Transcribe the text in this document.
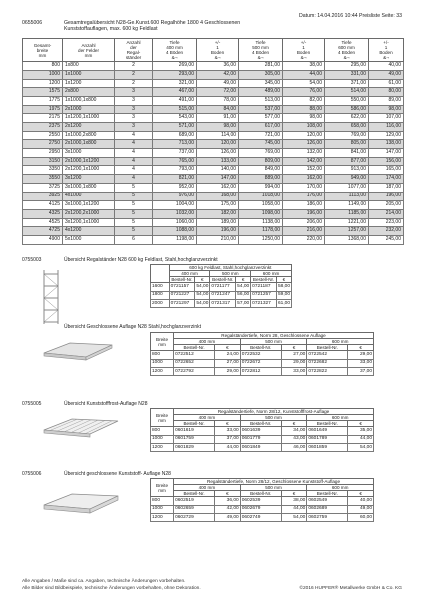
Datum: 14.04.2016 10:44 Preisliste Seite: 33
0655006	Gesamtregalübersicht N28-Ge.Kunst.600 Regalhöhe 1800 4 Geschlossenen
Kunststoffauflagen, max. 600 kg Feldlast
Gesamt-
breite
mm	Anzahl
der Felder
mm	Anzahl
der
Regal-
ständer	Tiefe
400 mm
4 Böden
&¬	+/-
1
Boden
&¬	Tiefe
500 mm
4 Böden
&¬	+/-
1
Boden
&¬	Tiefe
600 mm
4 Böden
&¬	+/-
1
Boden
&¬
800	1x800	2	269,00	36,00	281,00	38,00	295,00	40,00
1000	1x1000	2	293,00	42,00	305,00	44,00	331,00	49,00
1200	1x1200	2	321,00	49,00	345,00	54,00	371,00	61,00
1575	2x800	3	467,00	72,00	489,00	76,00	514,00	80,00
1775	1x1000,1x800	3	491,00	78,00	513,00	82,00	550,00	89,00
1975	2x1000	3	515,00	84,00	537,00	88,00	586,00	98,00
2175	1x1200,1x1000	3	543,00	91,00	577,00	98,00	622,00	107,00
2375	2x1200	3	571,00	98,00	617,00	108,00	658,00	116,00
2550	1x1000,2x800	4	689,00	114,00	721,00	120,00	769,00	129,00
2750	2x1000,1x800	4	713,00	120,00	745,00	126,00	805,00	138,00
2950	3x1000	4	737,00	126,00	769,00	132,00	841,00	147,00
3150	2x1000,1x1200	4	765,00	133,00	809,00	142,00	877,00	156,00
3350	2x1200,1x1000	4	793,00	140,00	849,00	152,00	913,00	165,00
3550	3x1200	4	821,00	147,00	889,00	162,00	949,00	174,00
3725	3x1000,1x800	5	952,00	162,00	994,00	170,00	1077,00	187,00
3925	4x1000	5	976,00	168,00	1018,00	176,00	1113,00	196,00
4125	3x1000,1x1200	5	1004,00	175,00	1058,00	186,00	1149,00	205,00
4325	2x1200,2x1000	5	1032,00	182,00	1098,00	196,00	1185,00	214,00
4525	3x1200,1x1000	5	1060,00	189,00	1138,00	206,00	1221,00	223,00
4725	4x1200	5	1088,00	196,00	1178,00	216,00	1257,00	232,00
4900	5x1000	6	1198,00	210,00	1250,00	220,00	1368,00	245,00
0755003	Übersicht Regalständer N28 600 kg Feldlast, Stahl,hochglanzverzinkt
	600 kg Feldlast, Stahl,hochglanzverzinkt					
	400 mm		500 mm		600 mm	
	Bestell-Nr.	€	Bestell-Nr.	€	Bestell-Nr.	€
1600	0721157	54,00	0721177	54,00	0721187	58,00
1800	0721227	54,00	0721247	56,00	0721257	59,00
2000	0721297	54,00	0721317	57,00	0721327	61,00
Übersicht Geschlossene Auflage N28 Stahl,hochglanzverzinkt
Breite mm	Regalständertiefe, Norm 28, Geschlossene Auflage					
	400 mm		500 mm		600 mm	
	Bestell-Nr.	€	Bestell-Nr.	€	Bestell-Nr.	€
800	0722512	24,00	0722532	27,00	0722542	29,00
1000	0722652	27,00	0722672	29,00	0722682	33,00
1200	0722792	29,00	0722812	33,00	0722822	37,00
0755005	Übersicht Kunststofffrost-Auflage N28
Breite mm	Regalständertiefe, Norm 28/12, Kunststofffrost-Auflage					
	400 mm		500 mm		600 mm	
	Bestell-Nr.	€	Bestell-Nr.	€	Bestell-Nr.	€
800	0601619	33,00	0601639	34,00	0601649	35,00
1000	0601759	37,00	0601779	43,00	0601789	44,00
1200	0601829	44,00	0601849	46,00	0601859	54,00
0755006	Übersicht geschlossene Kunststoff- Auflage N28
Breite mm	Regalständertiefe, Norm 28/12, Geschlossene Kunststoff-Auflage					
	400 mm		500 mm		600 mm	
	Bestell-Nr.	€	Bestell-Nr.	€	Bestell-Nr.	€
800	0602519	36,00	0602539	38,00	0602549	40,00
1000	0602659	42,00	0602679	44,00	0602689	49,00
1200	0602729	49,00	0602749	54,00	0602759	60,00
Alle Angaben / Maße sind ca. Angaben, technische Änderungen vorbehalten.
Alle Bilder sind Bildbeispiele, technische Änderungen vorbehalten, ohne Dekoration.	©2016 HUPFER® Metallwerke GmbH & Co. KG
